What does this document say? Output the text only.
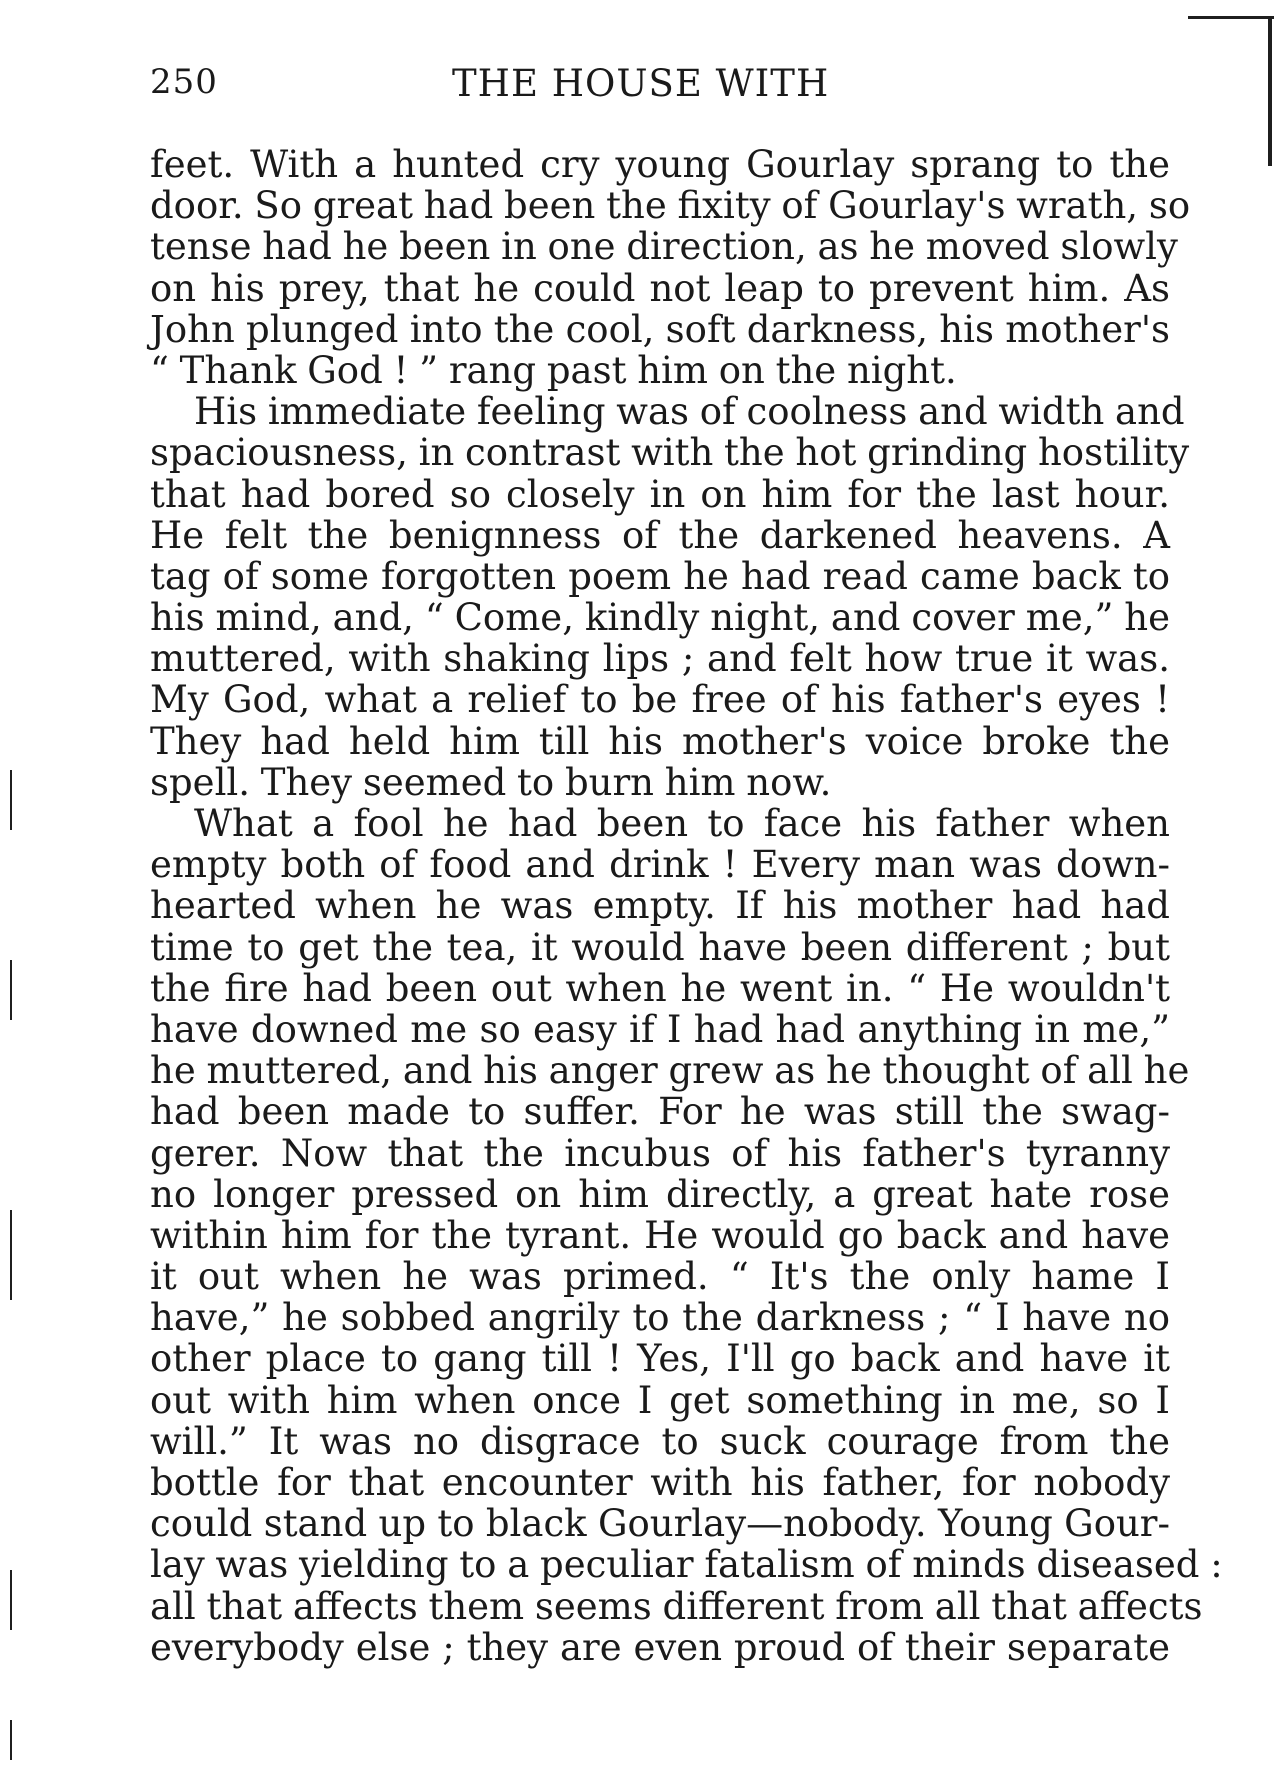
250	THE HOUSE WITH
feet. With a hunted cry young Gourlay sprang to the
door. So great had been the fixity of Gourlay's wrath, so
tense had he been in one direction, as he moved slowly
on his prey, that he could not leap to prevent him. As
John plunged into the cool, soft darkness, his mother's
“ Thank God ! ” rang past him on the night.
His immediate feeling was of coolness and width and
spaciousness, in contrast with the hot grinding hostility
that had bored so closely in on him for the last hour.
He felt the benignness of the darkened heavens. A
tag of some forgotten poem he had read came back to
his mind, and, “ Come, kindly night, and cover me,” he
muttered, with shaking lips ; and felt how true it was.
My God, what a relief to be free of his father's eyes !
They had held him till his mother's voice broke the
spell. They seemed to burn him now.
What a fool he had been to face his father when
empty both of food and drink ! Every man was down-
hearted when he was empty. If his mother had had
time to get the tea, it would have been different ; but
the fire had been out when he went in. “ He wouldn't
have downed me so easy if I had had anything in me,”
he muttered, and his anger grew as he thought of all he
had been made to suffer. For he was still the swag-
gerer. Now that the incubus of his father's tyranny
no longer pressed on him directly, a great hate rose
within him for the tyrant. He would go back and have
it out when he was primed. “ It's the only hame I
have,” he sobbed angrily to the darkness ; “ I have no
other place to gang till ! Yes, I'll go back and have it
out with him when once I get something in me, so I
will.” It was no disgrace to suck courage from the
bottle for that encounter with his father, for nobody
could stand up to black Gourlay—nobody. Young Gour-
lay was yielding to a peculiar fatalism of minds diseased :
all that affects them seems different from all that affects
everybody else ; they are even proud of their separate
